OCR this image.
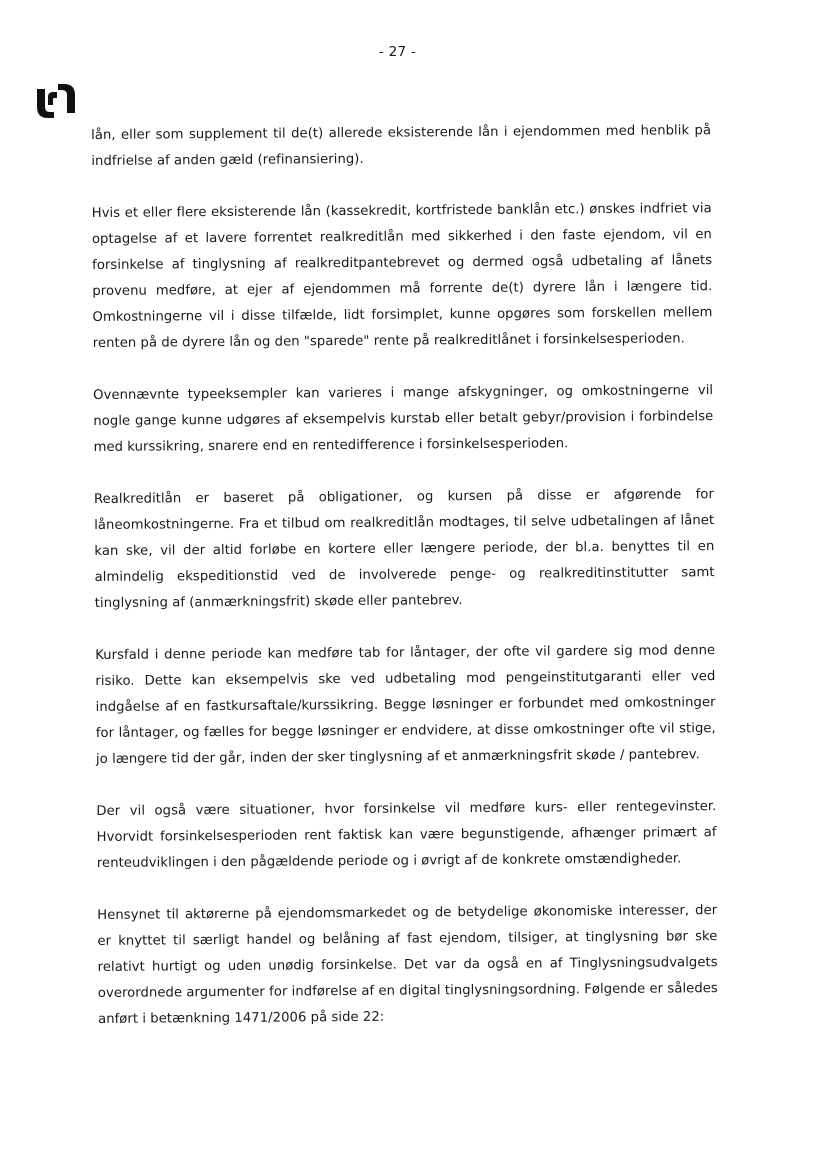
- 27 -

lån, eller som supplement til de(t) allerede eksisterende lån i ejendommen med henblik på indfrielse af anden gæld (refinansiering).

Hvis et eller flere eksisterende lån (kassekredit, kortfristede banklån etc.) ønskes indfriet via optagelse af et lavere forrentet realkreditlån med sikkerhed i den faste ejendom, vil en forsinkelse af tinglysning af realkreditpantebrevet og dermed også udbetaling af lånets provenu medføre, at ejer af ejendommen må forrente de(t) dyrere lån i længere tid. Omkostningerne vil i disse tilfælde, lidt forsimplet, kunne opgøres som forskellen mellem renten på de dyrere lån og den "sparede" rente på realkreditlånet i forsinkelsesperioden.

Ovennævnte typeeksempler kan varieres i mange afskygninger, og omkostningerne vil nogle gange kunne udgøres af eksempelvis kurstab eller betalt gebyr/provision i forbindelse med kurssikring, snarere end en rentedifference i forsinkelsesperioden.

Realkreditlån er baseret på obligationer, og kursen på disse er afgørende for låneomkostningerne. Fra et tilbud om realkreditlån modtages, til selve udbetalingen af lånet kan ske, vil der altid forløbe en kortere eller længere periode, der bl.a. benyttes til en almindelig ekspeditionstid ved de involverede penge- og realkreditinstitutter samt tinglysning af (anmærkningsfrit) skøde eller pantebrev.

Kursfald i denne periode kan medføre tab for låntager, der ofte vil gardere sig mod denne risiko. Dette kan eksempelvis ske ved udbetaling mod pengeinstitutgaranti eller ved indgåelse af en fastkursaftale/kurssikring. Begge løsninger er forbundet med omkostninger for låntager, og fælles for begge løsninger er endvidere, at disse omkostninger ofte vil stige, jo længere tid der går, inden der sker tinglysning af et anmærkningsfrit skøde / pantebrev.

Der vil også være situationer, hvor forsinkelse vil medføre kurs- eller rentegevinster. Hvorvidt forsinkelsesperioden rent faktisk kan være begunstigende, afhænger primært af renteudviklingen i den pågældende periode og i øvrigt af de konkrete omstændigheder.

Hensynet til aktørerne på ejendomsmarkedet og de betydelige økonomiske interesser, der er knyttet til særligt handel og belåning af fast ejendom, tilsiger, at tinglysning bør ske relativt hurtigt og uden unødig forsinkelse. Det var da også en af Tinglysningsudvalgets overordnede argumenter for indførelse af en digital tinglysningsordning. Følgende er således anført i betænkning 1471/2006 på side 22:
